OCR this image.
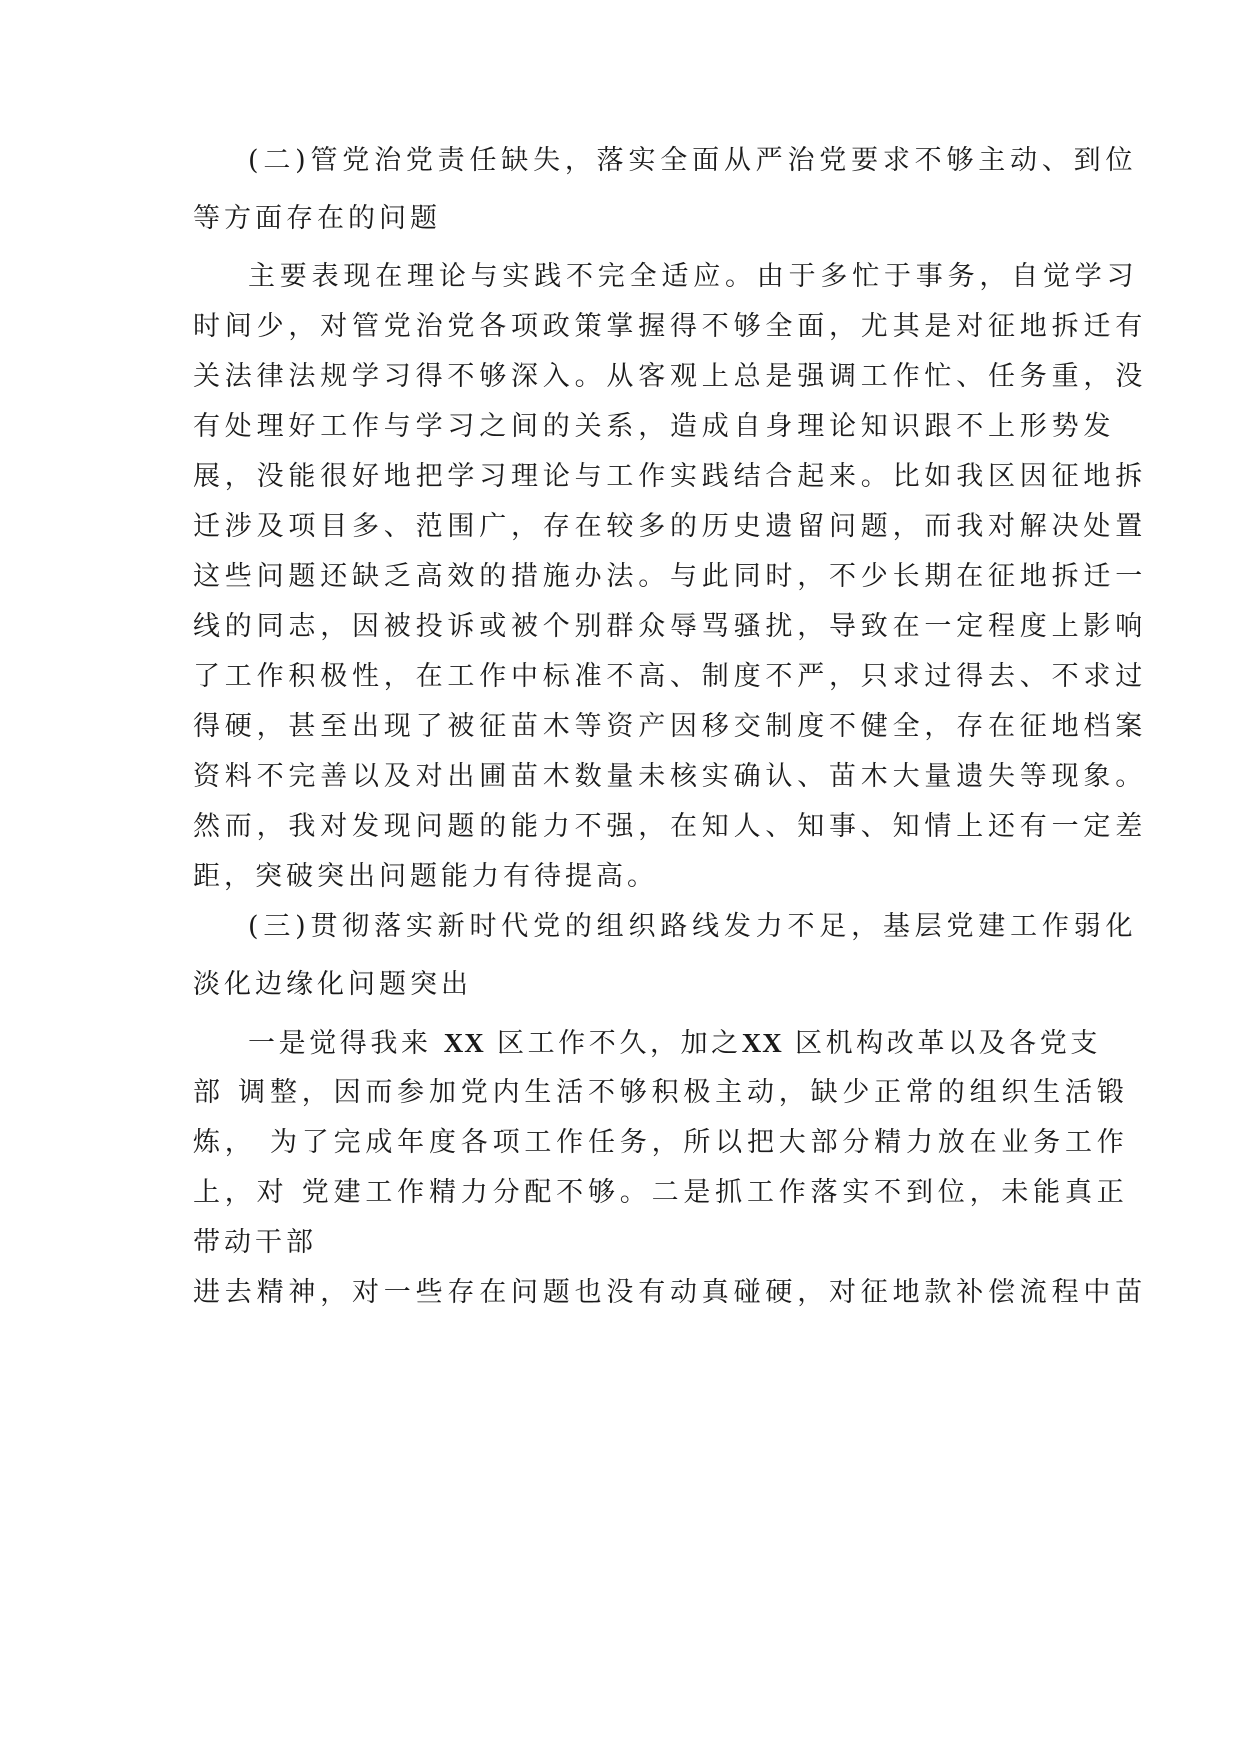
(二)管党治党责任缺失，落实全面从严治党要求不够主动、到位
等方面存在的问题
主要表现在理论与实践不完全适应。由于多忙于事务，自觉学习
时间少，对管党治党各项政策掌握得不够全面，尤其是对征地拆迁有
关法律法规学习得不够深入。从客观上总是强调工作忙、任务重，没
有处理好工作与学习之间的关系，造成自身理论知识跟不上形势发
展，没能很好地把学习理论与工作实践结合起来。比如我区因征地拆
迁涉及项目多、范围广，存在较多的历史遗留问题，而我对解决处置
这些问题还缺乏高效的措施办法。与此同时，不少长期在征地拆迁一
线的同志，因被投诉或被个别群众辱骂骚扰，导致在一定程度上影响
了工作积极性，在工作中标准不高、制度不严，只求过得去、不求过
得硬，甚至出现了被征苗木等资产因移交制度不健全，存在征地档案
资料不完善以及对出圃苗木数量未核实确认、苗木大量遗失等现象。
然而，我对发现问题的能力不强，在知人、知事、知情上还有一定差
距，突破突出问题能力有待提高。
(三)贯彻落实新时代党的组织路线发力不足，基层党建工作弱化
淡化边缘化问题突出
一是觉得我来 XX 区工作不久，加之XX 区机构改革以及各党支
部 调整，因而参加党内生活不够积极主动，缺少正常的组织生活锻
炼， 为了完成年度各项工作任务，所以把大部分精力放在业务工作
上，对 党建工作精力分配不够。二是抓工作落实不到位，未能真正
带动干部
进去精神，对一些存在问题也没有动真碰硬，对征地款补偿流程中苗
